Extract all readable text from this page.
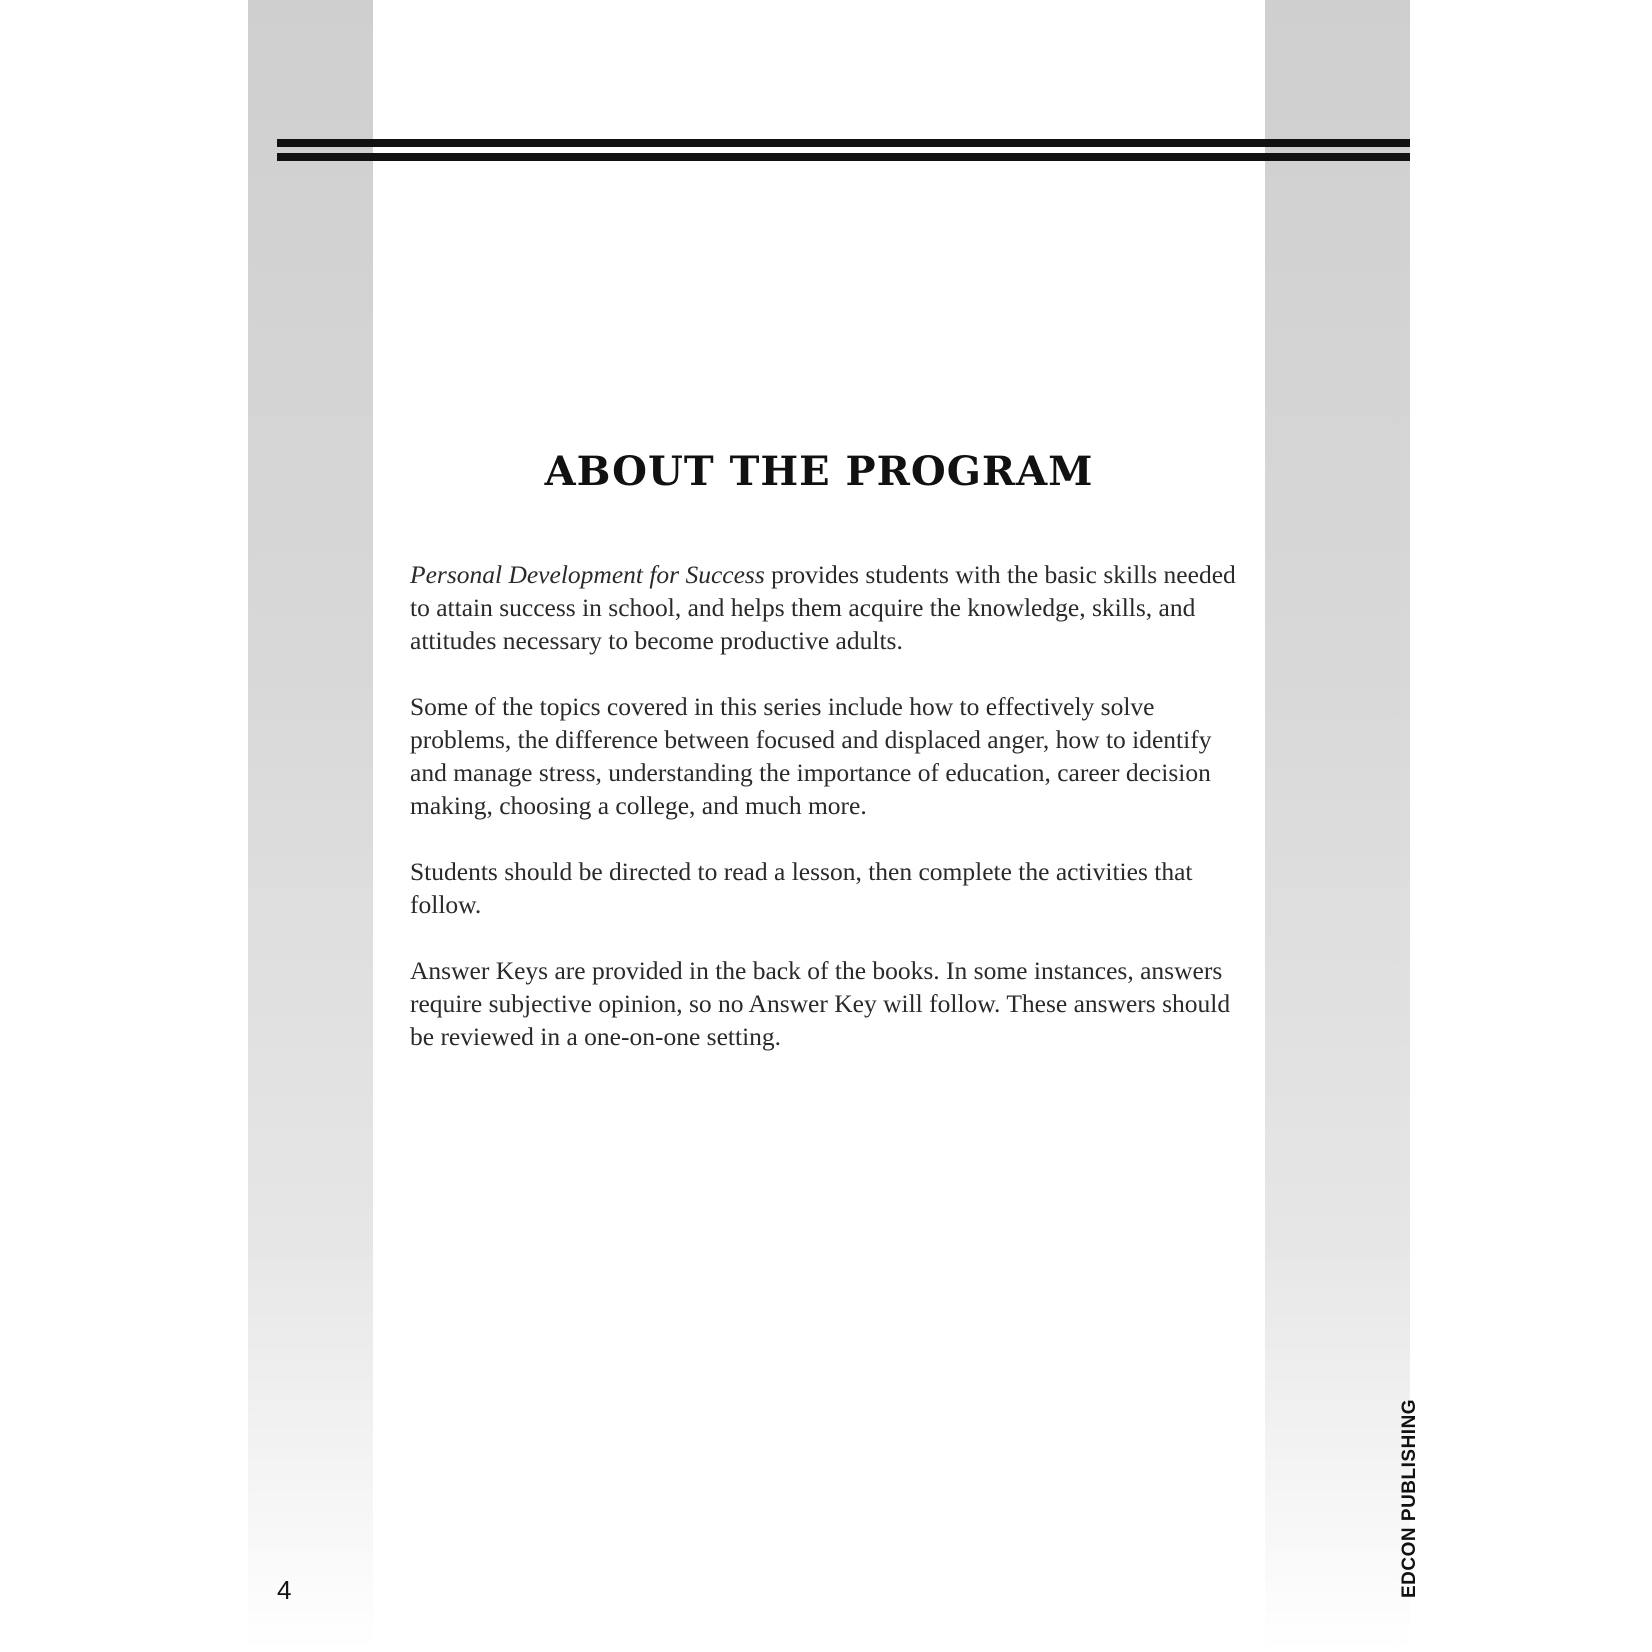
ABOUT THE PROGRAM

Personal Development for Success provides students with the basic skills needed to attain success in school, and helps them acquire the knowledge, skills, and attitudes necessary to become productive adults.

Some of the topics covered in this series include how to effectively solve problems, the difference between focused and displaced anger, how to identify and manage stress, understanding the importance of education, career decision making, choosing a college, and much more.

Students should be directed to read a lesson, then complete the activities that follow.

Answer Keys are provided in the back of the books. In some instances, answers require subjective opinion, so no Answer Key will follow. These answers should be reviewed in a one-on-one setting.

4	EDCON PUBLISHING
